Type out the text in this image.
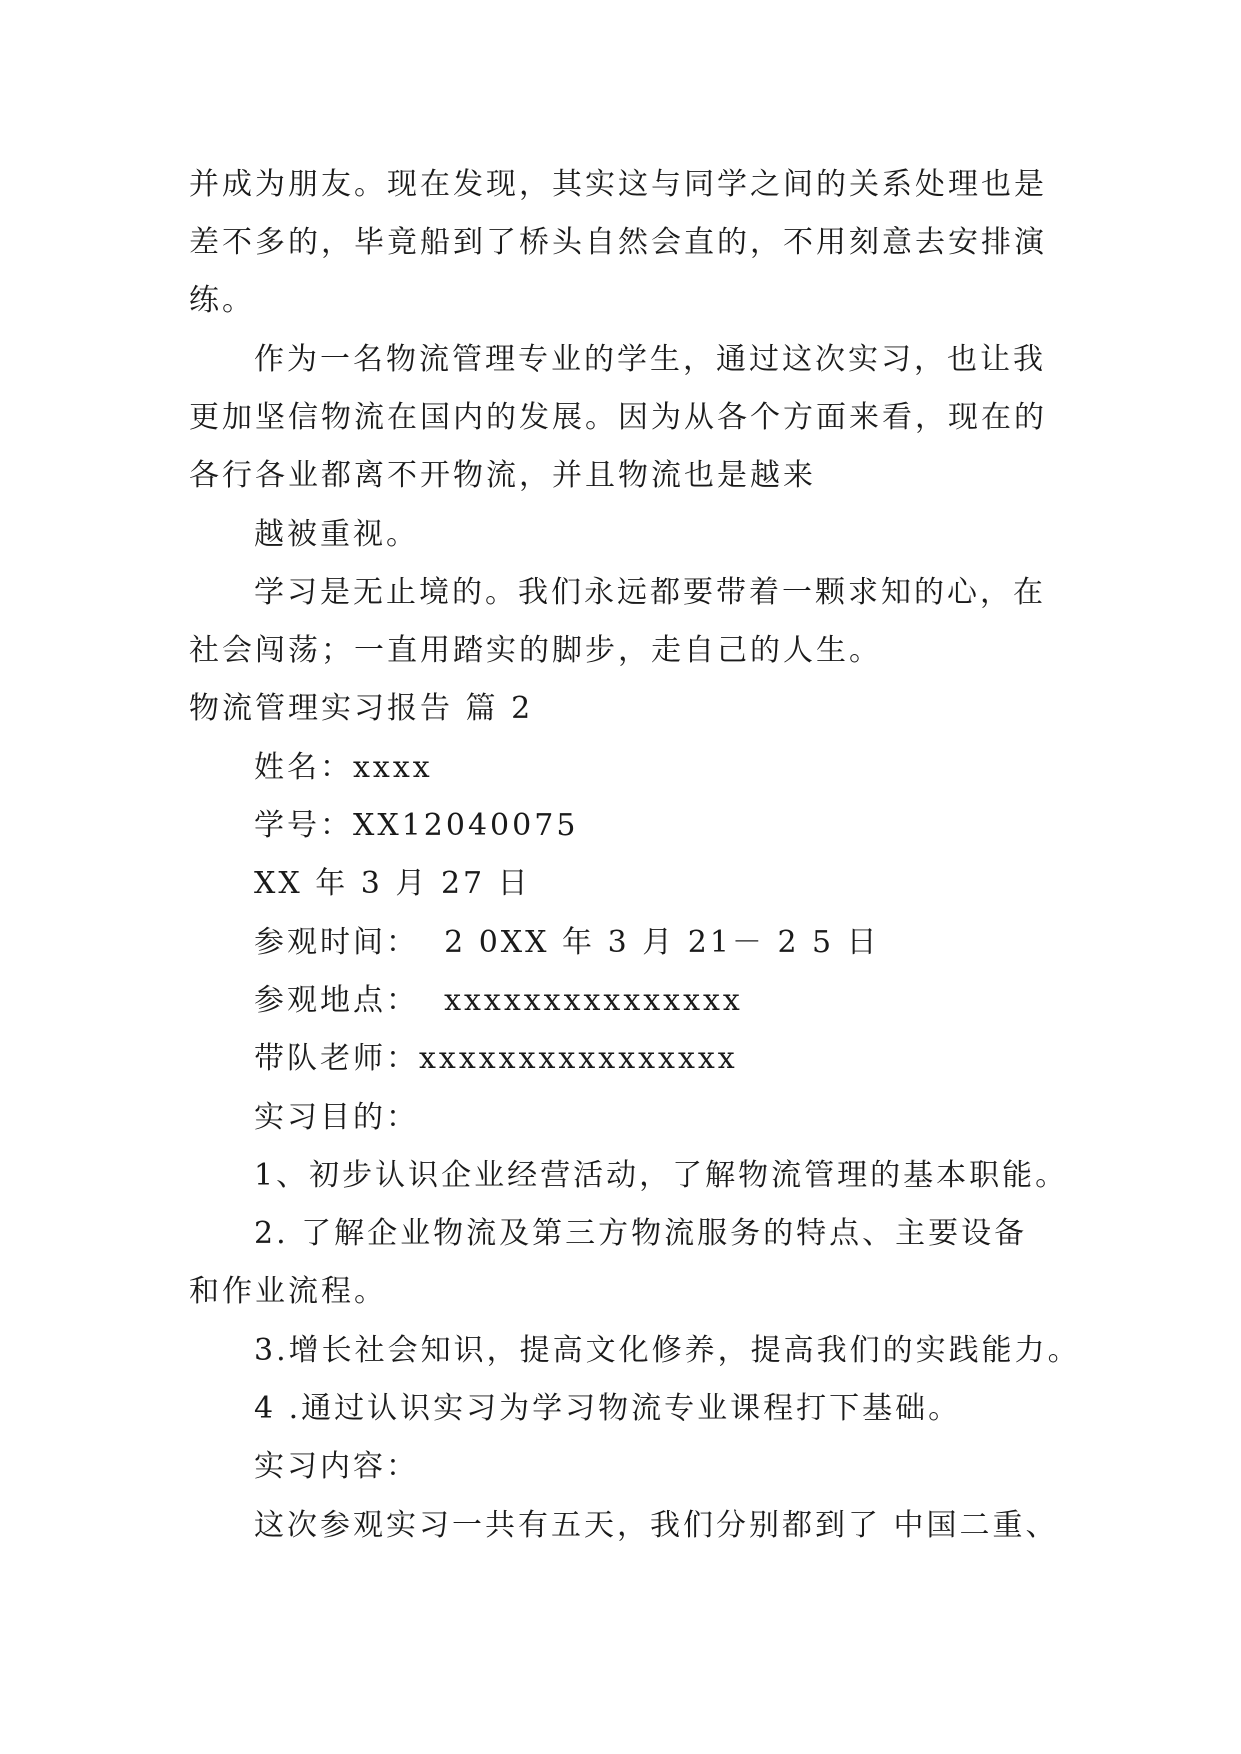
并成为朋友。现在发现，其实这与同学之间的关系处理也是
差不多的，毕竟船到了桥头自然会直的，不用刻意去安排演
练。
作为一名物流管理专业的学生，通过这次实习，也让我
更加坚信物流在国内的发展。因为从各个方面来看，现在的
各行各业都离不开物流，并且物流也是越来
越被重视。
学习是无止境的。我们永远都要带着一颗求知的心，在
社会闯荡；一直用踏实的脚步，走自己的人生。
物流管理实习报告 篇 2
姓名：xxxx
学号：XX12040075
XX 年 3 月 27 日
参观时间：  2 0XX 年 3 月 21－ 2 5 日
参观地点：  xxxxxxxxxxxxxxx
带队老师：xxxxxxxxxxxxxxxx
实习目的：
1、初步认识企业经营活动，了解物流管理的基本职能。
2. 了解企业物流及第三方物流服务的特点、主要设备
和作业流程。
3.增长社会知识，提高文化修养，提高我们的实践能力。
4 .通过认识实习为学习物流专业课程打下基础。
实习内容：
这次参观实习一共有五天，我们分别都到了 中国二重、
